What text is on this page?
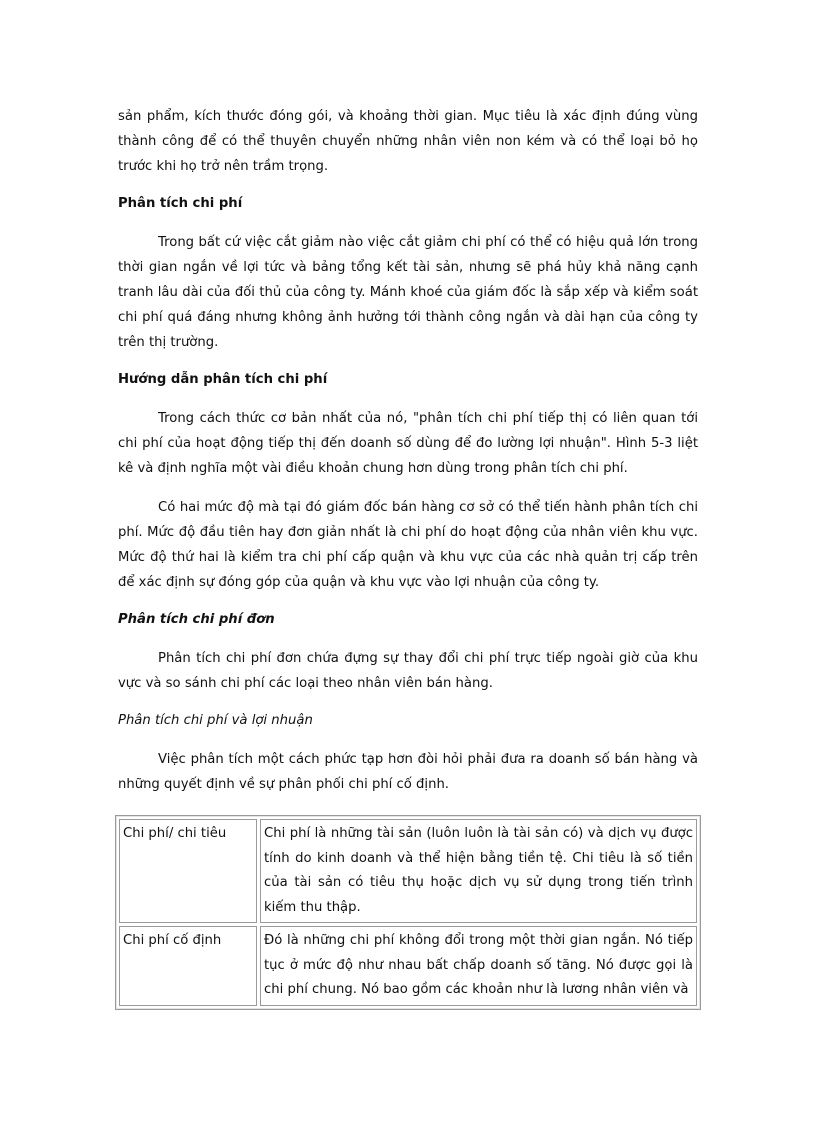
sản phẩm, kích thước đóng gói, và khoảng thời gian. Mục tiêu là xác định đúng vùng thành công để có thể thuyên chuyển những nhân viên non kém và có thể loại bỏ họ trước khi họ trở nên trầm trọng.

Phân tích chi phí

Trong bất cứ việc cắt giảm nào việc cắt giảm chi phí có thể có hiệu quả lớn trong thời gian ngắn về lợi tức và bảng tổng kết tài sản, nhưng sẽ phá hủy khả năng cạnh tranh lâu dài của đối thủ của công ty. Mánh khoé của giám đốc là sắp xếp và kiểm soát chi phí quá đáng nhưng không ảnh hưởng tới thành công ngắn và dài hạn của công ty trên thị trường.

Hướng dẫn phân tích chi phí

Trong cách thức cơ bản nhất của nó, "phân tích chi phí tiếp thị có liên quan tới chi phí của hoạt động tiếp thị đến doanh số dùng để đo lường lợi nhuận". Hình 5-3 liệt kê và định nghĩa một vài điều khoản chung hơn dùng trong phân tích chi phí.

Có hai mức độ mà tại đó giám đốc bán hàng cơ sở có thể tiến hành phân tích chi phí. Mức độ đầu tiên hay đơn giản nhất là chi phí do hoạt động của nhân viên khu vực. Mức độ thứ hai là kiểm tra chi phí cấp quận và khu vực của các nhà quản trị cấp trên để xác định sự đóng góp của quận và khu vực vào lợi nhuận của công ty.

Phân tích chi phí đơn

Phân tích chi phí đơn chứa đựng sự thay đổi chi phí trực tiếp ngoài giờ của khu vực và so sánh chi phí các loại theo nhân viên bán hàng.

Phân tích chi phí và lợi nhuận

Việc phân tích một cách phức tạp hơn đòi hỏi phải đưa ra doanh số bán hàng và những quyết định về sự phân phối chi phí cố định.

Chi phí/ chi tiêu	Chi phí là những tài sản (luôn luôn là tài sản có) và dịch vụ được tính do kinh doanh và thể hiện bằng tiền tệ. Chi tiêu là số tiền của tài sản có tiêu thụ hoặc dịch vụ sử dụng trong tiến trình kiếm thu thập.
Chi phí cố định	Đó là những chi phí không đổi trong một thời gian ngắn. Nó tiếp tục ở mức độ như nhau bất chấp doanh số tăng. Nó được gọi là chi phí chung. Nó bao gồm các khoản như là lương nhân viên và
